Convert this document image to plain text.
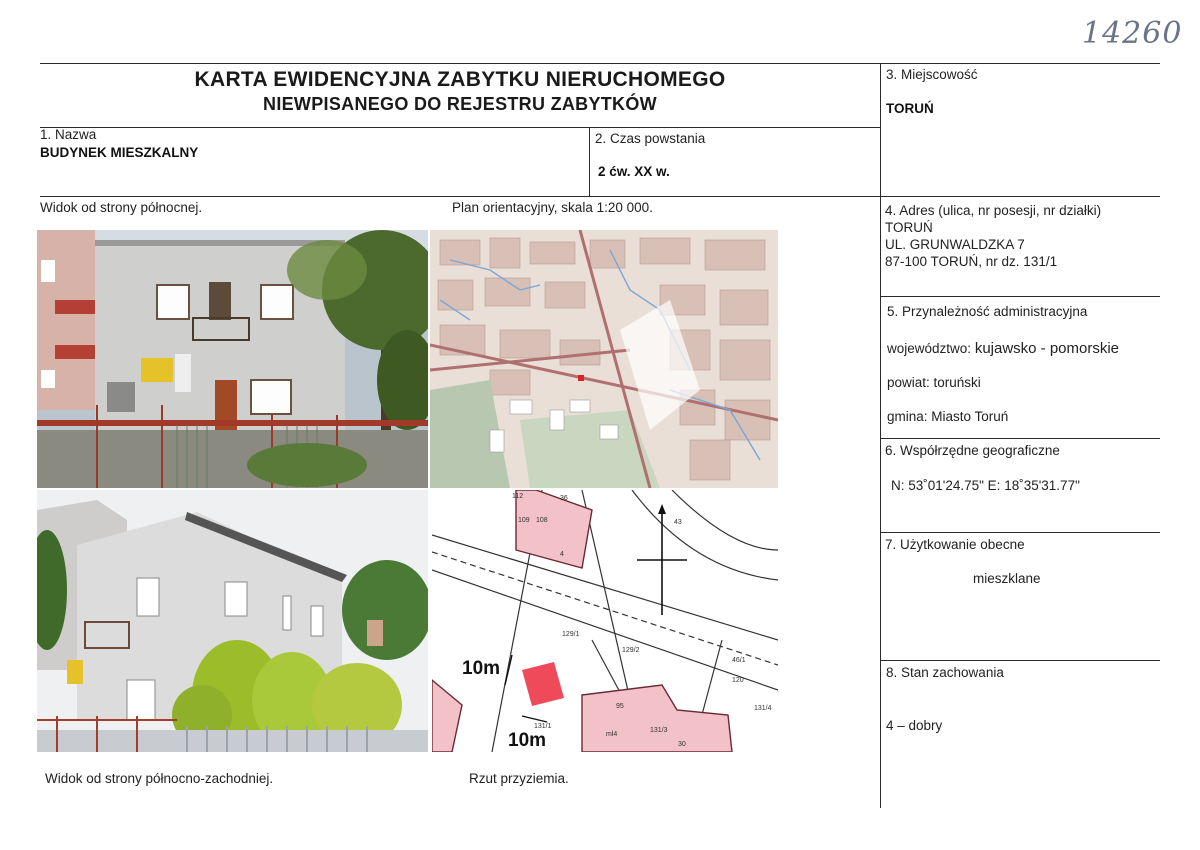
14260
KARTA EWIDENCYJNA ZABYTKU NIERUCHOMEGO
NIEWPISANEGO DO REJESTRU ZABYTKÓW
1. Nazwa
BUDYNEK MIESZKALNY
2. Czas powstania
2 ćw. XX w.
3. Miejscowość
TORUŃ
4. Adres (ulica, nr posesji, nr działki)
TORUŃ
UL. GRUNWALDZKA 7
87-100 TORUŃ, nr dz. 131/1
5. Przynależność administracyjna
województwo: kujawsko - pomorskie
powiat: toruński
gmina: Miasto Toruń
6. Współrzędne geograficzne
N: 53˚01'24.75" E: 18˚35'31.77"
7. Użytkowanie obecne
mieszklane
8. Stan zachowania
4 – dobry
Widok od strony północnej.	Plan orientacyjny, skala 1:20 000.
Widok od strony północno-zachodniej.	Rzut przyziemia.
112	36
108
109
4
43
131/1
129/1
129/2
46/1
131/3
30
95
ml4
131/4
120
10m
10m
